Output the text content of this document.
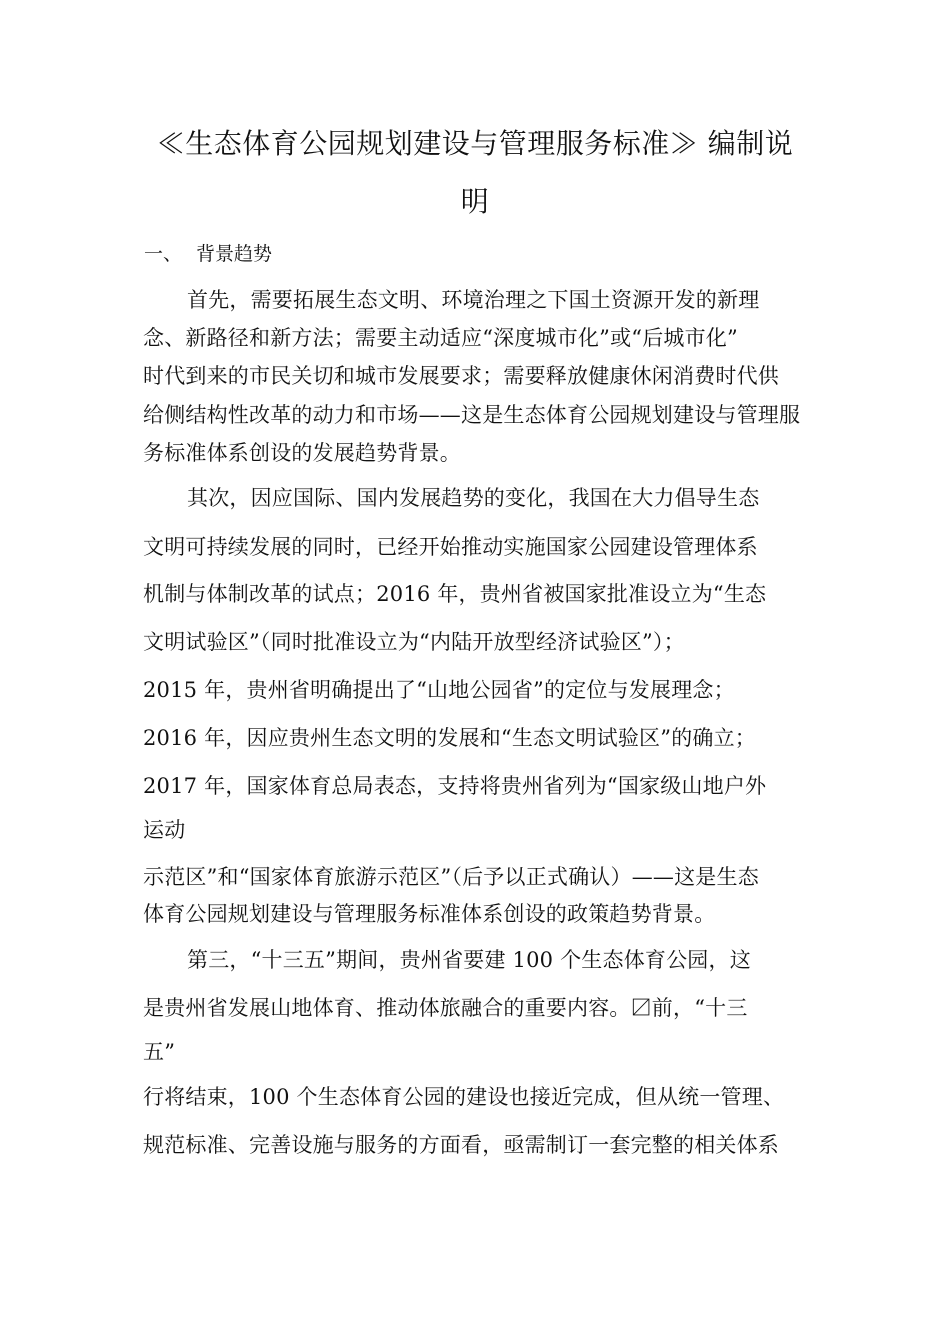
≪生态体育公园规划建设与管理服务标准≫ 编制说
明
一、 背景趋势
首先，需要拓展生态文明、环境治理之下国土资源开发的新理
念、新路径和新方法；需要主动适应“深度城市化”或“后城市化”
时代到来的市民关切和城市发展要求；需要释放健康休闲消费时代供
给侧结构性改革的动力和市场——这是生态体育公园规划建设与管理服
务标准体系创设的发展趋势背景。
其次，因应国际、国内发展趋势的变化，我国在大力倡导生态
文明可持续发展的同时，已经开始推动实施国家公园建设管理体系
机制与体制改革的试点；2016 年，贵州省被国家批准设立为“生态
文明试验区”（同时批准设立为“内陆开放型经济试验区”）；
2015 年，贵州省明确提出了“山地公园省”的定位与发展理念；
2016 年，因应贵州生态文明的发展和“生态文明试验区”的确立；
2017 年，国家体育总局表态，支持将贵州省列为“国家级山地户外
运动
示范区”和“国家体育旅游示范区”（后予以正式确认）——这是生态
体育公园规划建设与管理服务标准体系创设的政策趋势背景。
第三，“十三五”期间，贵州省要建 100 个生态体育公园，这
是贵州省发展山地体育、推动体旅融合的重要内容。〼前，“十三
五”
行将结束，100 个生态体育公园的建设也接近完成，但从统一管理、
规范标准、完善设施与服务的方面看，亟需制订一套完整的相关体系
